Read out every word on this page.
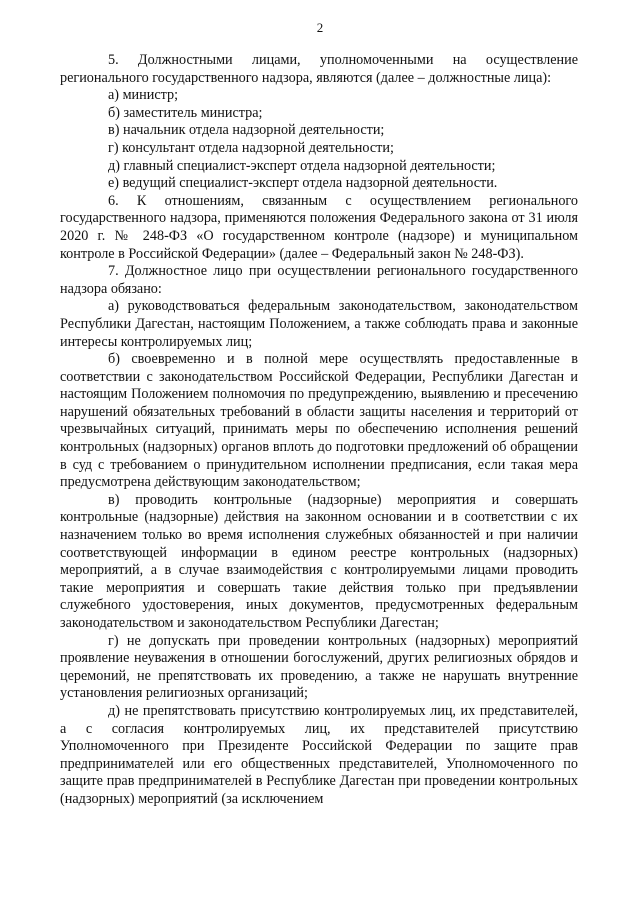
2

5. Должностными лицами, уполномоченными на осуществление регионального государственного надзора, являются (далее – должностные лица):

а) министр;

б) заместитель министра;

в) начальник отдела надзорной деятельности;

г) консультант отдела надзорной деятельности;

д) главный специалист-эксперт отдела надзорной деятельности;

е) ведущий специалист-эксперт отдела надзорной деятельности.

6. К отношениям, связанным с осуществлением регионального государственного надзора, применяются положения Федерального закона от 31 июля 2020 г. № 248-ФЗ «О государственном контроле (надзоре) и муниципальном контроле в Российской Федерации» (далее – Федеральный закон № 248-ФЗ).

7. Должностное лицо при осуществлении регионального государственного надзора обязано:

а) руководствоваться федеральным законодательством, законодательством Республики Дагестан, настоящим Положением, а также соблюдать права и законные интересы контролируемых лиц;

б) своевременно и в полной мере осуществлять предоставленные в соответствии с законодательством Российской Федерации, Республики Дагестан и настоящим Положением полномочия по предупреждению, выявлению и пресечению нарушений обязательных требований в области защиты населения и территорий от чрезвычайных ситуаций, принимать меры по обеспечению исполнения решений контрольных (надзорных) органов вплоть до подготовки предложений об обращении в суд с требованием о принудительном исполнении предписания, если такая мера предусмотрена действующим законодательством;

в) проводить контрольные (надзорные) мероприятия и совершать контрольные (надзорные) действия на законном основании и в соответствии с их назначением только во время исполнения служебных обязанностей и при наличии соответствующей информации в едином реестре контрольных (надзорных) мероприятий, а в случае взаимодействия с контролируемыми лицами проводить такие мероприятия и совершать такие действия только при предъявлении служебного удостоверения, иных документов, предусмотренных федеральным законодательством и законодательством Республики Дагестан;

г) не допускать при проведении контрольных (надзорных) мероприятий проявление неуважения в отношении богослужений, других религиозных обрядов и церемоний, не препятствовать их проведению, а также не нарушать внутренние установления религиозных организаций;

д) не препятствовать присутствию контролируемых лиц, их представителей, а с согласия контролируемых лиц, их представителей присутствию Уполномоченного при Президенте Российской Федерации по защите прав предпринимателей или его общественных представителей, Уполномоченного по защите прав предпринимателей в Республике Дагестан при проведении контрольных (надзорных) мероприятий (за исключением
